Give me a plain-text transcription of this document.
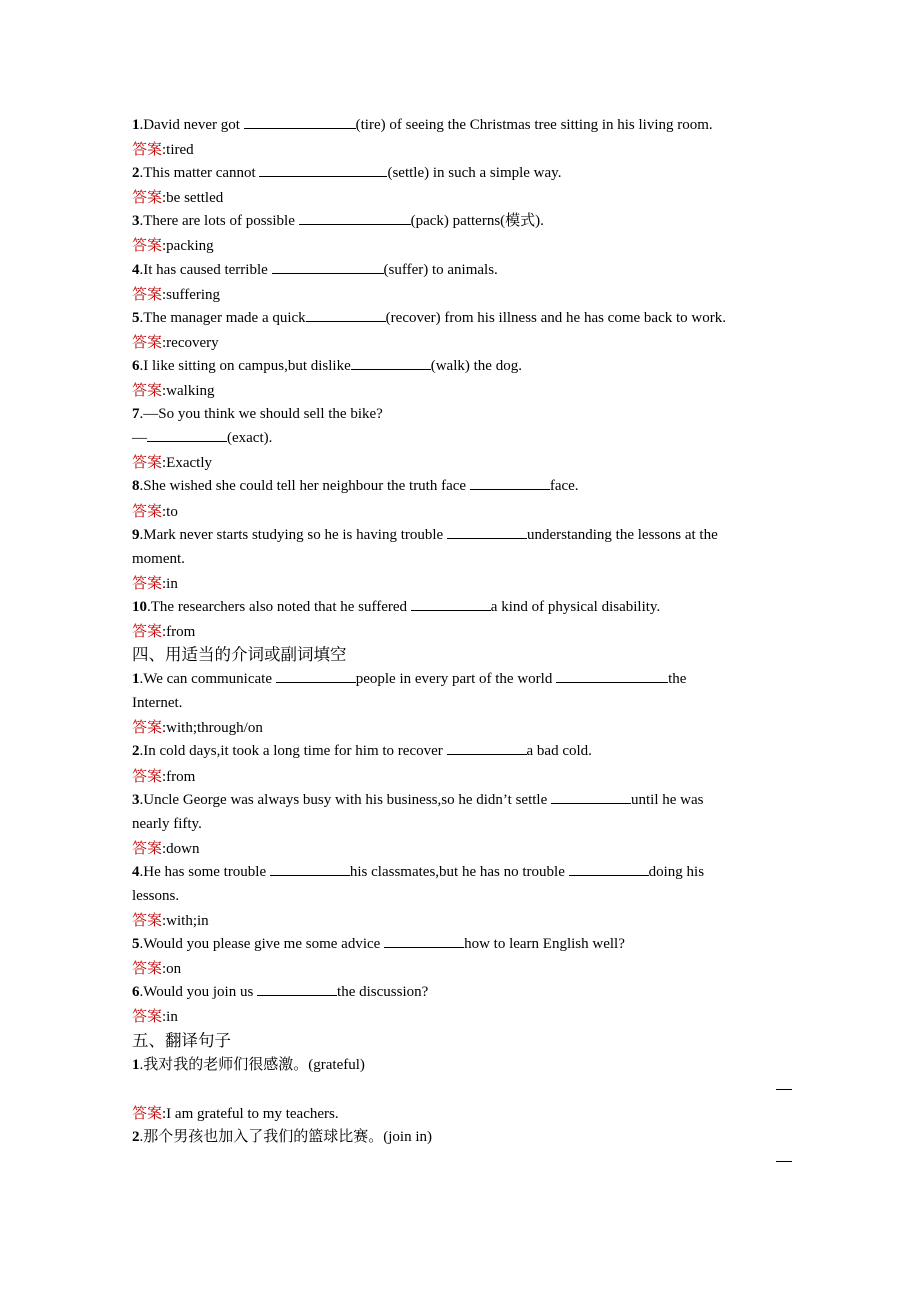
1.David never got	(tire) of seeing the Christmas tree sitting in his living room.
答案:tired
2.This matter cannot	(settle) in such a simple way.
答案:be settled
3.There are lots of possible	(pack) patterns(模式).
答案:packing
4.It has caused terrible	(suffer) to animals.
答案:suffering
5.The manager made a quick	(recover) from his illness and he has come back to work.
答案:recovery
6.I like sitting on campus,but dislike	(walk) the dog.
答案:walking
7.—So you think we should sell the bike?
—	(exact).
答案:Exactly
8.She wished she could tell her neighbour the truth face	face.
答案:to
9.Mark never starts studying so he is having trouble	understanding the lessons at the
moment.
答案:in
10.The researchers also noted that he suffered	a kind of physical disability.
答案:from
四、用适当的介词或副词填空
1.We can communicate	people in every part of the world	the
Internet.
答案:with;through/on
2.In cold days,it took a long time for him to recover	a bad cold.
答案:from
3.Uncle George was always busy with his business,so he didn’t settle	until he was
nearly fifty.
答案:down
4.He has some trouble	his classmates,but he has no trouble	doing his
lessons.
答案:with;in
5.Would you please give me some advice	how to learn English well?
答案:on
6.Would you join us	the discussion?
答案:in
五、翻译句子
1.我对我的老师们很感激。(grateful)
答案:I am grateful to my teachers.
2.那个男孩也加入了我们的篮球比赛。(join in)
